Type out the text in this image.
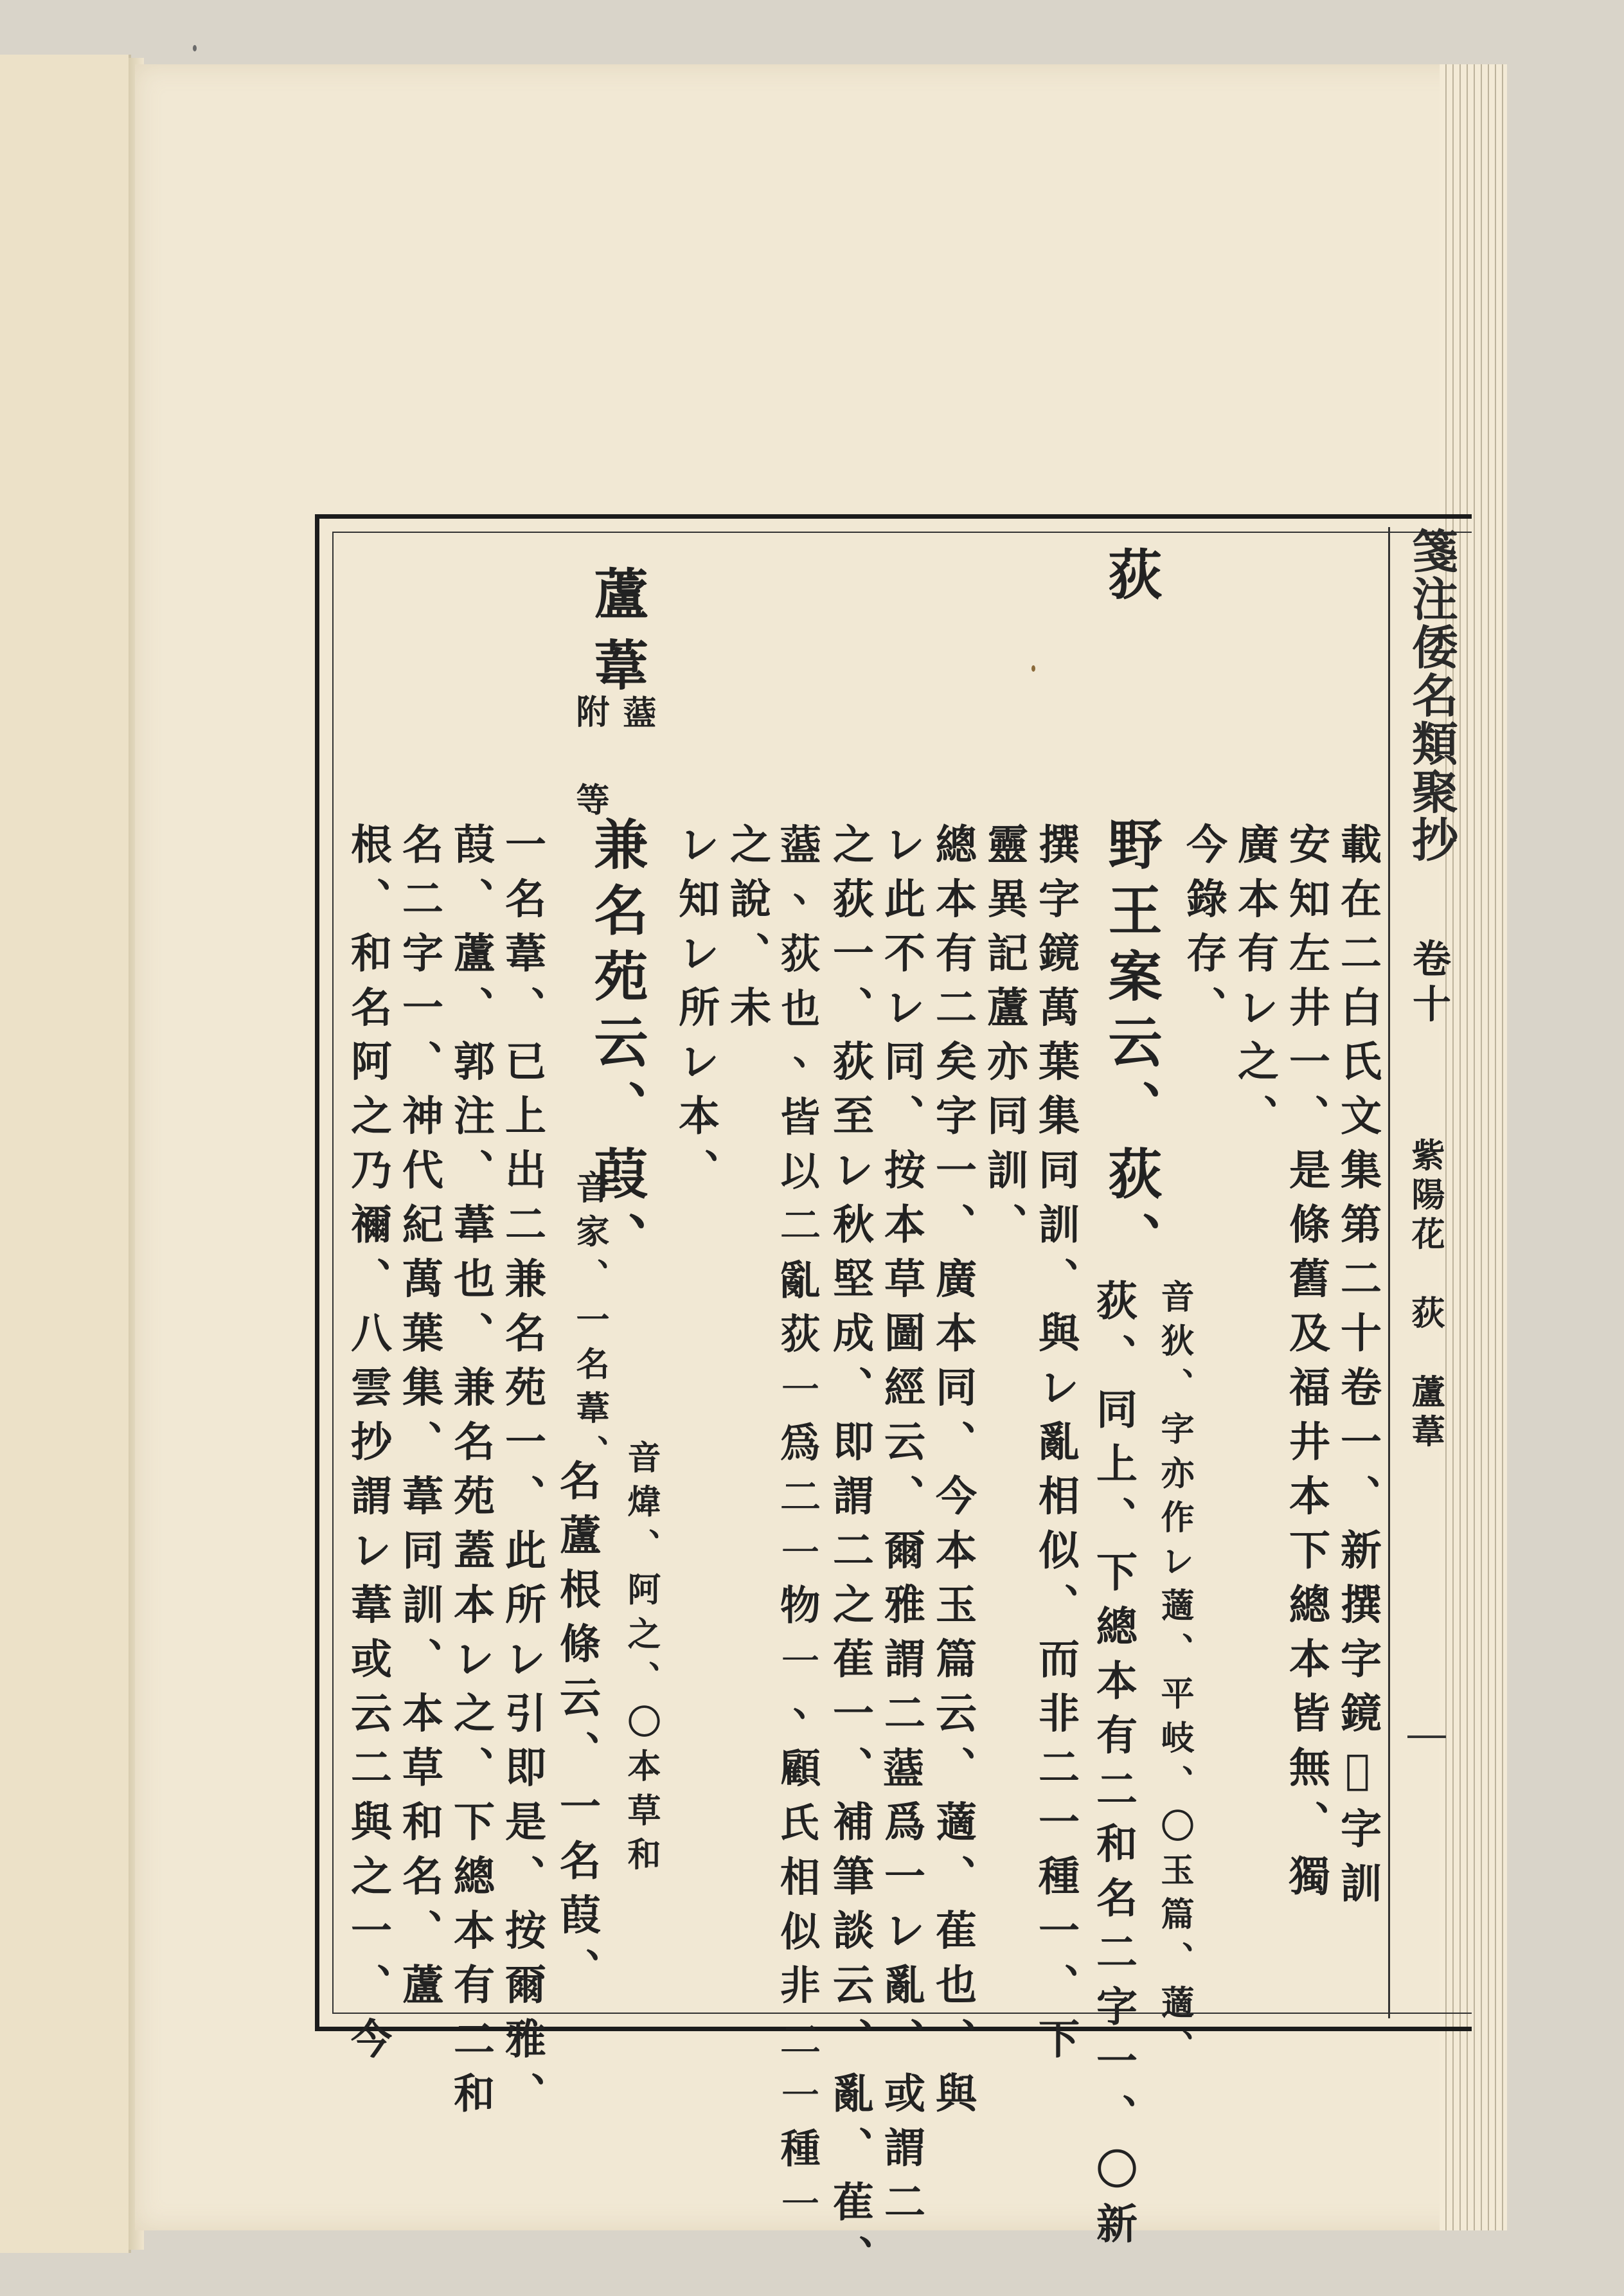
箋注倭名類聚抄
卷十
紫陽花　荻　蘆葦
載在二白氏文集第二十卷一、新撰字鏡𦵔字訓
安知左井一、是條舊及福井本下總本皆無、獨
廣本有レ之、
今錄存、
荻
野王案云、荻、
音狄、字亦作レ藡、平岐、〇玉篇、藡、
荻、同上、下總本有二和名二字一、〇新
撰字鏡萬葉集同訓、與レ亂相似、而非二一種一、下
靈異記蘆亦同訓、
總本有二矣字一、廣本同、今本玉篇云、藡、萑也、與
レ此不レ同、按本草圖經云、爾雅謂二𦽘爲一レ亂、或謂二
之荻一、荻至レ秋堅成、即謂二之萑一、補筆談云、亂、萑、
𦽘、荻也、皆以二亂荻一爲二一物一、顧氏相似非二一種一
之說、未
レ知レ所レ本、
蘆葦
𦽘
附　等
兼名苑云、葭、
音家、一名葦、
音煒、阿之、〇本草和
名蘆根條云、一名葭、
一名葦、已上出二兼名苑一、此所レ引即是、按爾雅、
葭、蘆、郭注、葦也、兼名苑蓋本レ之、下總本有二和
名二字一、神代紀萬葉集、葦同訓、本草和名、蘆
根、和名阿之乃禰、八雲抄謂レ葦或云二與之一、今
